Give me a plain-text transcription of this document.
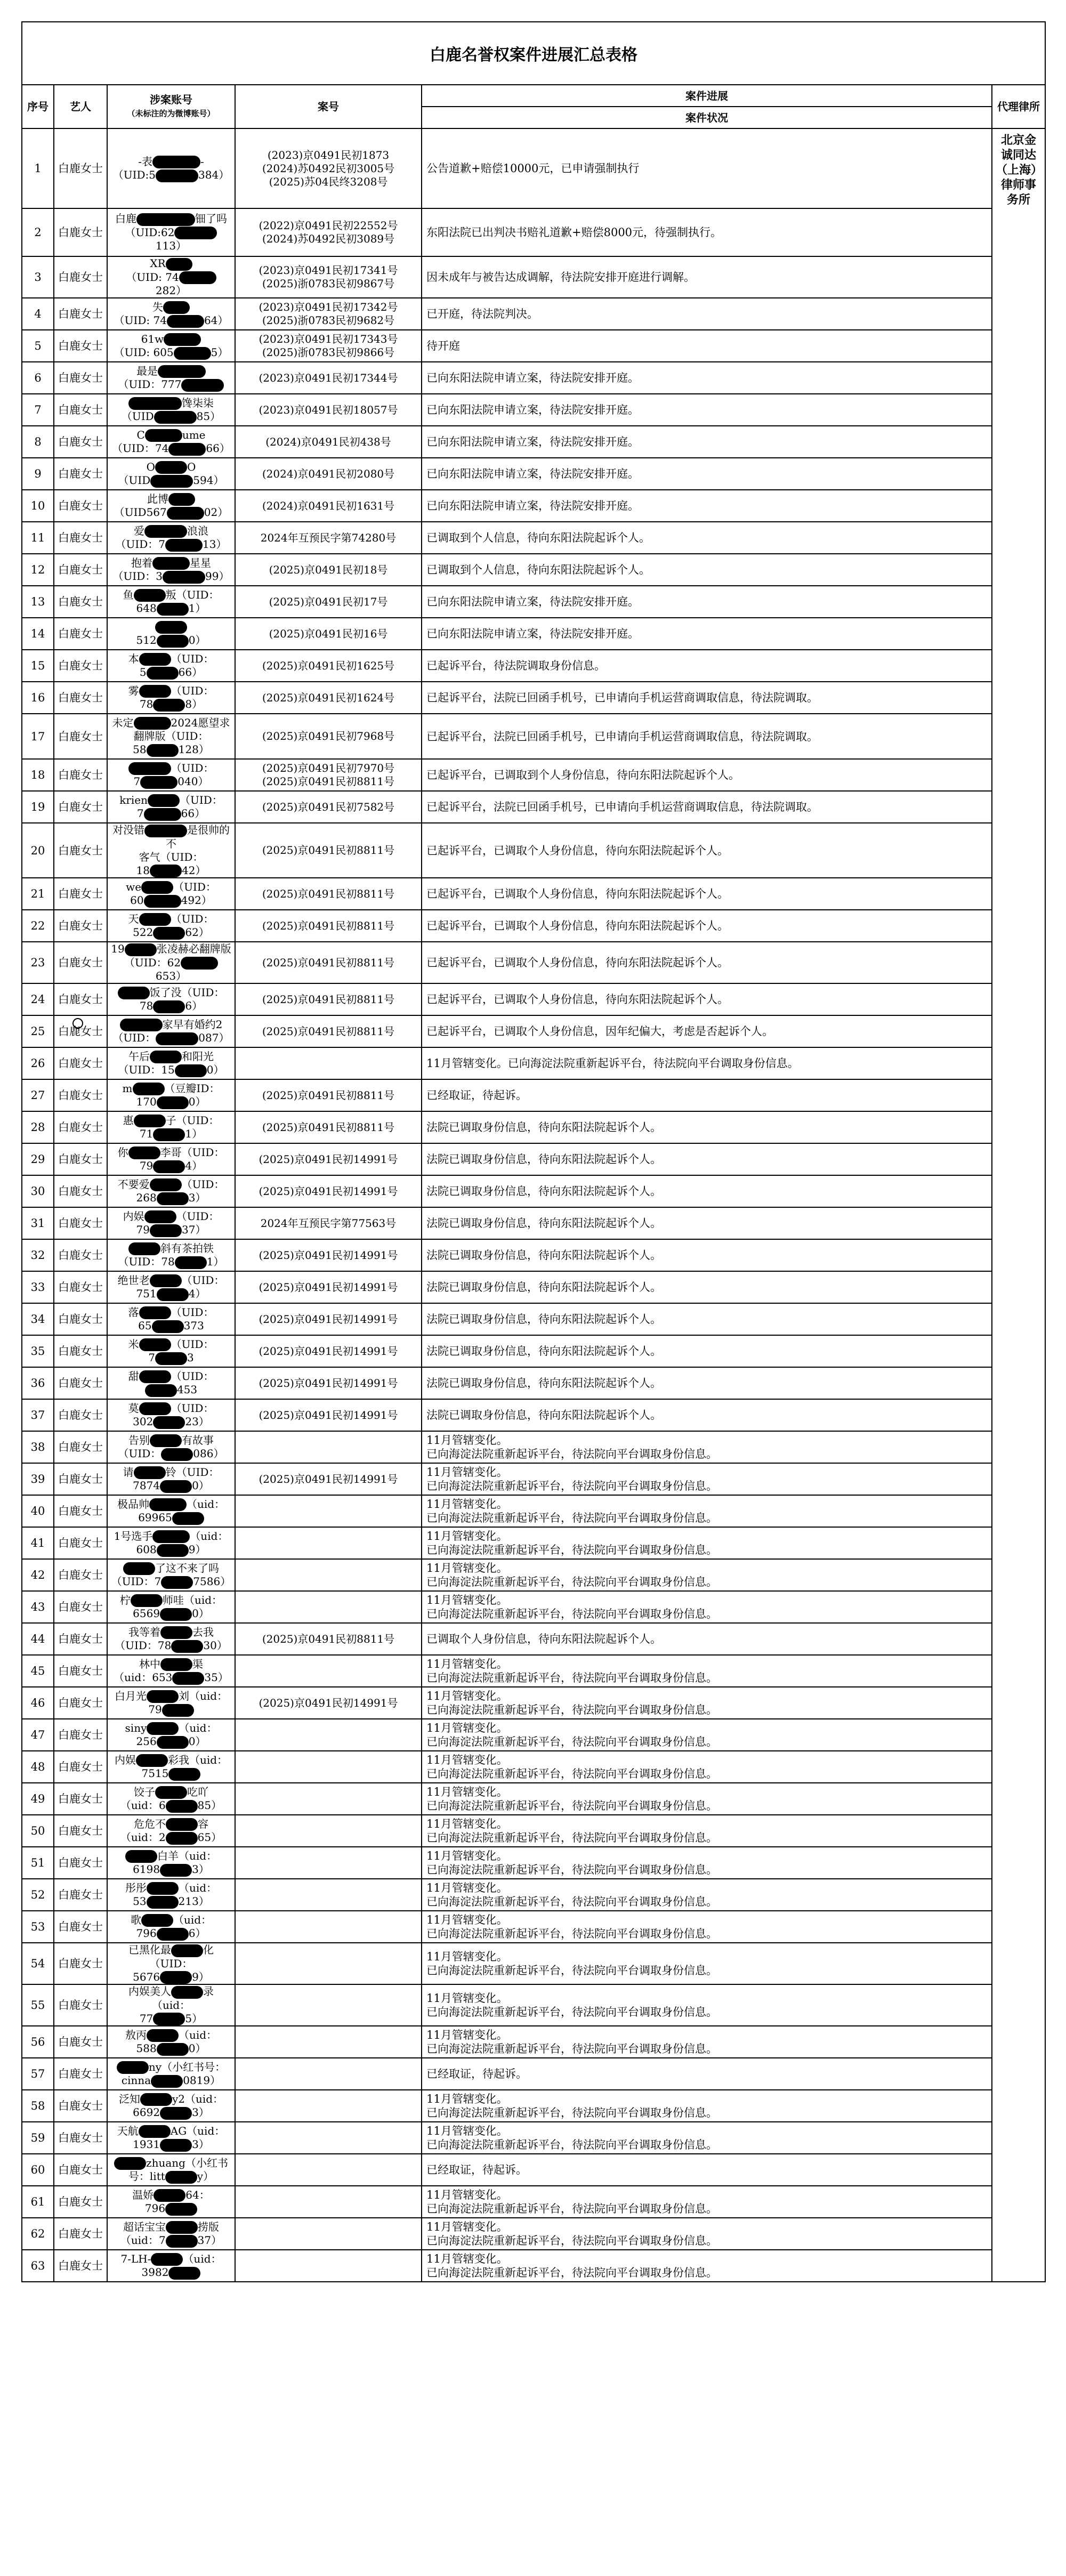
白鹿名誉权案件进展汇总表格					
序号	艺人	涉案账号
（未标注的为微博账号）	案号	案件进展	代理律所
				案件状况	
1	白鹿女士	-表 -
（UID:5 384）	(2023)京0491民初1873
(2024)苏0492民初3005号
(2025)苏04民终3208号	公告道歉+赔偿10000元，已申请强制执行	北京金诚同达
（上海）
律师事务所

2	白鹿女士	白鹿 钿了吗
（UID:62113）	(2022)京0491民初22552号
(2024)苏0492民初3089号	东阳法院已出判决书赔礼道歉+赔偿8000元，待强制执行。	

3	白鹿女士	XR
（UID: 74282）	(2023)京0491民初17341号
(2025)浙0783民初9867号	因未成年与被告达成调解，待法院安排开庭进行调解。	

4	白鹿女士	失
（UID: 74 64）	(2023)京0491民初17342号
(2025)浙0783民初9682号	已开庭，待法院判决。	

5	白鹿女士	61w
（UID: 605 5）	(2023)京0491民初17343号
(2025)浙0783民初9866号	待开庭	

6	白鹿女士	最是
（UID：777	(2023)京0491民初17344号	已向东阳法院申请立案，待法院安排开庭。	

7	白鹿女士	馋柒柒
（UID 85）	(2023)京0491民初18057号	已向东阳法院申请立案，待法院安排开庭。	

8	白鹿女士	C ume
（UID：74 66）	(2024)京0491民初438号	已向东阳法院申请立案，待法院安排开庭。	

9	白鹿女士	O O
（UID 594）	(2024)京0491民初2080号	已向东阳法院申请立案，待法院安排开庭。	

10	白鹿女士	此博
（UID567 02）	(2024)京0491民初1631号	已向东阳法院申请立案，待法院安排开庭。	

11	白鹿女士	爱 浪浪
（UID：7 13）	2024年互预民字第74280号	已调取到个人信息，待向东阳法院起诉个人。	

12	白鹿女士	抱着 星星
（UID：3 99）	(2025)京0491民初18号	已调取到个人信息，待向东阳法院起诉个人。	

13	白鹿女士	鱼 叛（UID：
648 1）	(2025)京0491民初17号	已向东阳法院申请立案，待法院安排开庭。	

14	白鹿女士	512 0）	(2025)京0491民初16号	已向东阳法院申请立案，待法院安排开庭。	

15	白鹿女士	本 （UID：
5 66）	(2025)京0491民初1625号	已起诉平台，待法院调取身份信息。	

16	白鹿女士	雾 （UID：
78 8）	(2025)京0491民初1624号	已起诉平台，法院已回函手机号，已申请向手机运营商调取信息，待法院调取。	

17	白鹿女士	未定 2024愿望求
翻牌版（UID：
58 128）	(2025)京0491民初7968号	已起诉平台，法院已回函手机号，已申请向手机运营商调取信息，待法院调取。	

18	白鹿女士	（UID：
7 040）	(2025)京0491民初7970号
(2025)京0491民初8811号	已起诉平台，已调取到个人身份信息，待向东阳法院起诉个人。	

19	白鹿女士	krien （UID：
7 66）	(2025)京0491民初7582号	已起诉平台，法院已回函手机号，已申请向手机运营商调取信息，待法院调取。	

20	白鹿女士	对没错 是很帅的不
客气（UID：
18 42）	(2025)京0491民初8811号	已起诉平台，已调取个人身份信息，待向东阳法院起诉个人。	

21	白鹿女士	we （UID：
60 492）	(2025)京0491民初8811号	已起诉平台，已调取个人身份信息，待向东阳法院起诉个人。	

22	白鹿女士	天 （UID：
522 62）	(2025)京0491民初8811号	已起诉平台，已调取个人身份信息，待向东阳法院起诉个人。	

23	白鹿女士	19 张凌赫必翻牌版
（UID：62653）	(2025)京0491民初8811号	已起诉平台，已调取个人身份信息，待向东阳法院起诉个人。	

24	白鹿女士	饭了没（UID：
78 6）	(2025)京0491民初8811号	已起诉平台，已调取个人身份信息，待向东阳法院起诉个人。	

25	白鹿女士	家早有婚约2
（UID： 087）	(2025)京0491民初8811号	已起诉平台，已调取个人身份信息，因年纪偏大，考虑是否起诉个人。	

26	白鹿女士	午后 和阳光
（UID：15 0）		11月管辖变化。已向海淀法院重新起诉平台，待法院向平台调取身份信息。	

27	白鹿女士	m （豆瓣ID：
170 0）	(2025)京0491民初8811号	已经取证，待起诉。	

28	白鹿女士	惠 子（UID：
71 1）	(2025)京0491民初8811号	法院已调取身份信息，待向东阳法院起诉个人。	

29	白鹿女士	你 李哥（UID：
79 4）	(2025)京0491民初14991号	法院已调取身份信息，待向东阳法院起诉个人。	

30	白鹿女士	不要爱 （UID：
268 3）	(2025)京0491民初14991号	法院已调取身份信息，待向东阳法院起诉个人。	

31	白鹿女士	内娱 （UID：
79 37）	2024年互预民字第77563号	法院已调取身份信息，待向东阳法院起诉个人。	

32	白鹿女士	斜有茶拍铁
（UID：78 1）	(2025)京0491民初14991号	法院已调取身份信息，待向东阳法院起诉个人。	

33	白鹿女士	绝世老 （UID：
751 4）	(2025)京0491民初14991号	法院已调取身份信息，待向东阳法院起诉个人。	

34	白鹿女士	落 （UID：
65 373	(2025)京0491民初14991号	法院已调取身份信息，待向东阳法院起诉个人。	

35	白鹿女士	米 （UID：
7 3	(2025)京0491民初14991号	法院已调取身份信息，待向东阳法院起诉个人。	

36	白鹿女士	甜 （UID：
453	(2025)京0491民初14991号	法院已调取身份信息，待向东阳法院起诉个人。	

37	白鹿女士	莫 （UID：
302 23）	(2025)京0491民初14991号	法院已调取身份信息，待向东阳法院起诉个人。	

38	白鹿女士	告别 有故事
（UID： 086）		11月管辖变化。
已向海淀法院重新起诉平台，待法院向平台调取身份信息。	

39	白鹿女士	请 铃（UID：
7874 0）	(2025)京0491民初14991号	11月管辖变化。
已向海淀法院重新起诉平台，待法院向平台调取身份信息。	

40	白鹿女士	极品帅 （uid：
69965		11月管辖变化。
已向海淀法院重新起诉平台，待法院向平台调取身份信息。	

41	白鹿女士	1号选手 （uid：
608 9）		11月管辖变化。
已向海淀法院重新起诉平台，待法院向平台调取身份信息。	

42	白鹿女士	了这不来了吗
（UID：7 7586）		11月管辖变化。
已向海淀法院重新起诉平台，待法院向平台调取身份信息。	

43	白鹿女士	柠 师哇（uid：
6569 0）		11月管辖变化。
已向海淀法院重新起诉平台，待法院向平台调取身份信息。	

44	白鹿女士	我等着 去我
（UID：78 30）	(2025)京0491民初8811号	已调取个人身份信息，待向东阳法院起诉个人。	

45	白鹿女士	林中 渠
（uid：653 35）		11月管辖变化。
已向海淀法院重新起诉平台，待法院向平台调取身份信息。	

46	白鹿女士	白月光 刘（uid：
79	(2025)京0491民初14991号	11月管辖变化。
已向海淀法院重新起诉平台，待法院向平台调取身份信息。	

47	白鹿女士	siny （uid：
256 0）		11月管辖变化。
已向海淀法院重新起诉平台，待法院向平台调取身份信息。	

48	白鹿女士	内娱 彩我（uid：
7515		11月管辖变化。
已向海淀法院重新起诉平台，待法院向平台调取身份信息。	

49	白鹿女士	饺子 吃吖
（uid：6 85）		11月管辖变化。
已向海淀法院重新起诉平台，待法院向平台调取身份信息。	

50	白鹿女士	危危不 容
（uid：2 65）		11月管辖变化。
已向海淀法院重新起诉平台，待法院向平台调取身份信息。	

51	白鹿女士	白羊（uid：
6198 3）		11月管辖变化。
已向海淀法院重新起诉平台，待法院向平台调取身份信息。	

52	白鹿女士	彤彤 （uid：
53 213）		11月管辖变化。
已向海淀法院重新起诉平台，待法院向平台调取身份信息。	

53	白鹿女士	歌 （uid：
796 6）		11月管辖变化。
已向海淀法院重新起诉平台，待法院向平台调取身份信息。	

54	白鹿女士	已黑化最 化（UID：
5676 9）		11月管辖变化。
已向海淀法院重新起诉平台，待法院向平台调取身份信息。	

55	白鹿女士	内娱美人 录（uid：
77 5）		11月管辖变化。
已向海淀法院重新起诉平台，待法院向平台调取身份信息。	

56	白鹿女士	敖丙 （uid：
588 0）		11月管辖变化。
已向海淀法院重新起诉平台，待法院向平台调取身份信息。	

57	白鹿女士	ny（小红书号：
cinna 0819）		已经取证，待起诉。	

58	白鹿女士	泛知 y2（uid：
6692 3）		11月管辖变化。
已向海淀法院重新起诉平台，待法院向平台调取身份信息。	

59	白鹿女士	天航 AG（uid：
1931 3）		11月管辖变化。
已向海淀法院重新起诉平台，待法院向平台调取身份信息。	

60	白鹿女士	zhuang（小红书
号：litt y）		已经取证，待起诉。	

61	白鹿女士	温娇 64：
796		11月管辖变化。
已向海淀法院重新起诉平台，待法院向平台调取身份信息。	

62	白鹿女士	超话宝宝 捞版
（uid：7 37）		11月管辖变化。
已向海淀法院重新起诉平台，待法院向平台调取身份信息。	

63	白鹿女士	7-LH- （uid：
3982		11月管辖变化。
已向海淀法院重新起诉平台，待法院向平台调取身份信息。	
